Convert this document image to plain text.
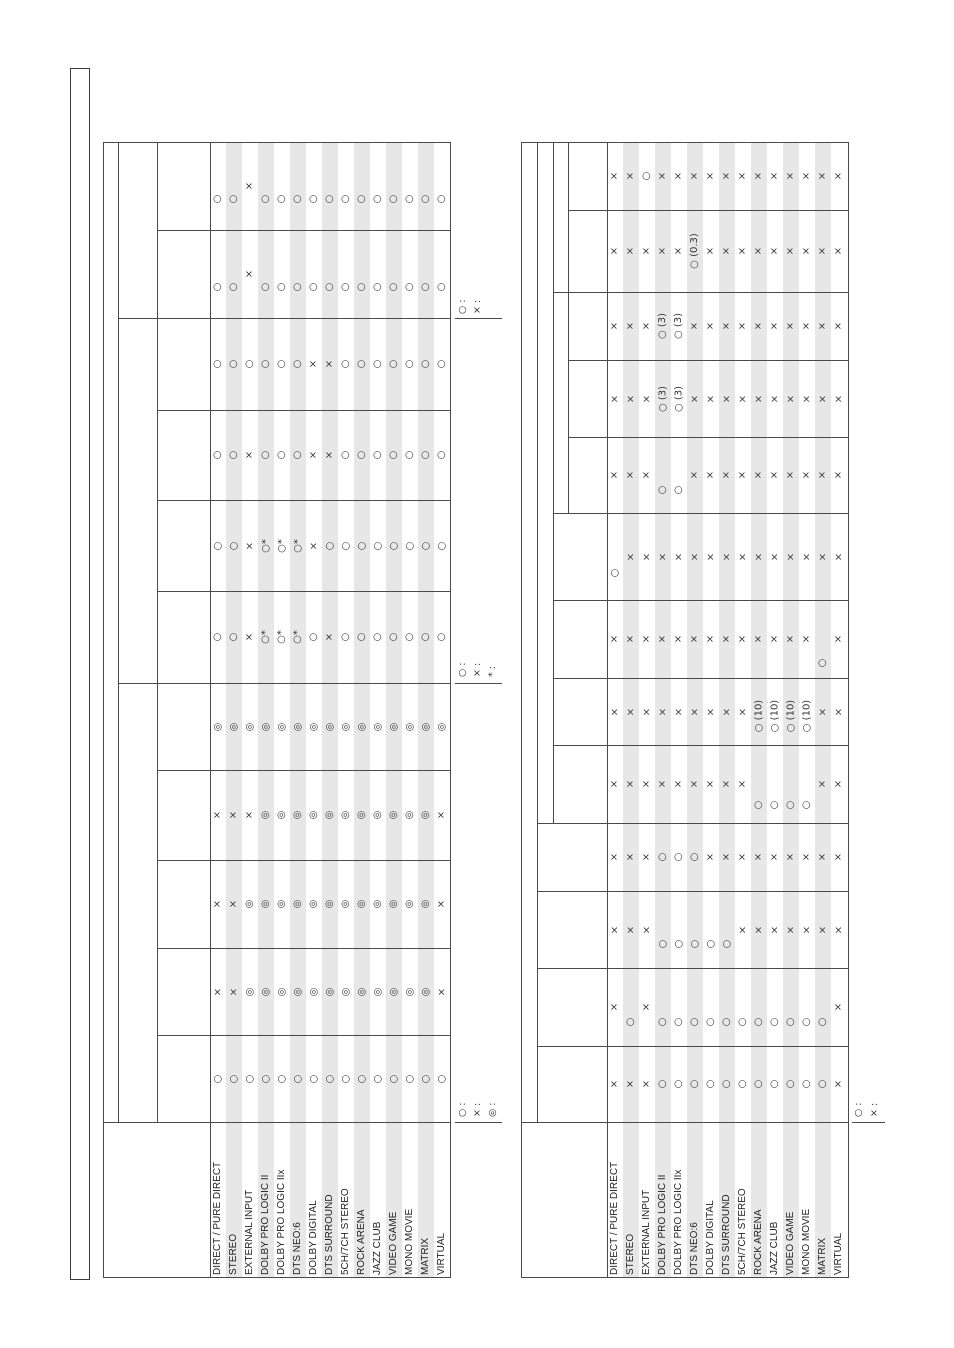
DIRECT / PURE DIRECT STEREO EXTERNAL INPUT DOLBY PRO LOGIC II DOLBY PRO LOGIC IIx DTS NEO:6 DOLBY DIGITAL DTS SURROUND 5CH/7CH STEREO ROCK ARENA JAZZ CLUB VIDEO GAME MONO MOVIE MATRIX VIRTUAL
○ ○ ○ ○ ○ ○ ○ ○ ○ ○ ○ ○ ○ ○ ○
× × ◎ ◎ ◎ ◎ ◎ ◎ ◎ ◎ ◎ ◎ ◎ ◎ ×
× × ◎ ◎ ◎ ◎ ◎ ◎ ◎ ◎ ◎ ◎ ◎ ◎ ×
× × × ◎ ◎ ◎ ◎ ◎ ◎ ◎ ◎ ◎ ◎ ◎ ×
◎ ◎ ◎ ◎ ◎ ◎ ◎ ◎ ◎ ◎ ◎ ◎ ◎ ◎ ◎
○ ○ × ○* ○* ○* ○ × ○ ○ ○ ○ ○ ○ ○
○ ○ × ○* ○* ○* × ○ ○ ○ ○ ○ ○ ○ ○
○ ○ × ○ ○ ○ × × ○ ○ ○ ○ ○ ○ ○
○ ○ ○ ○ ○ ○ × × ○ ○ ○ ○ ○ ○ ○
○ ○
×
○ ○ ○ ○ ○ ○ ○ ○ ○ ○ ○ ○
○ ○
×
○ ○ ○ ○ ○ ○ ○ ○ ○ ○ ○ ○
○ : × : ◎ :
○ : × : * :
○ : × :
DIRECT / PURE DIRECT STEREO EXTERNAL INPUT DOLBY PRO LOGIC II DOLBY PRO LOGIC IIx DTS NEO:6 DOLBY DIGITAL DTS SURROUND 5CH/7CH STEREO ROCK ARENA JAZZ CLUB VIDEO GAME MONO MOVIE MATRIX VIRTUAL
× × × ○ ○ ○ ○ ○ ○ ○ ○ ○ ○ ○ ×
×
○
×
○ ○ ○ ○ ○ ○ ○ ○ ○ ○ ○
×
× × ×
○ ○ ○ ○ ○
× × × × × × ×
× × × ○ ○ ○ × × × × × × × × ×
× × × × × × × × ×
○ ○ ○ ○
× ×
× × × × × × × × × ○ (10) ○ (10) ○ (10) ○ (10) × ×
× × × × × × × × × × × × ×
○
×
○
× × × × × × × × × × × × × ×
× × ×
○ ○
× × × × × × × × × ×
× × × ○ (3) ○ (3) × × × × × × × × × ×
× × × ○ (3) ○ (3) × × × × × × × × × ×
× × × × × ○ (0.3) × × × × × × × × ×
× × ○ × × × × × × × × × × × ×
○ : × :
